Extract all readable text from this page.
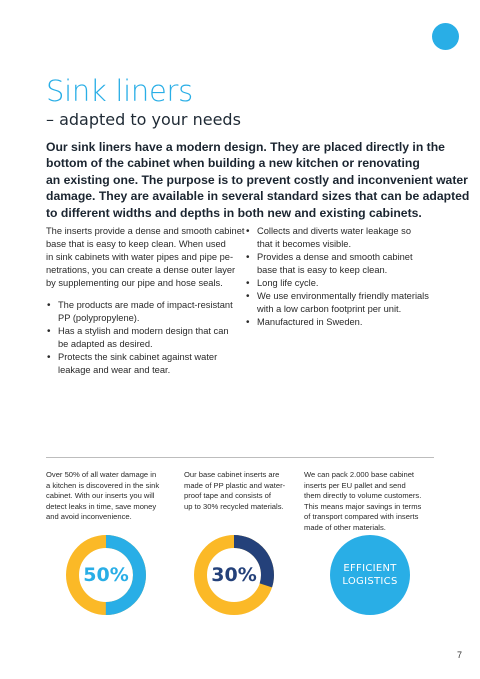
Sink liners
– adapted to your needs
Our sink liners have a modern design. They are placed directly in the
bottom of the cabinet when building a new kitchen or renovating
an existing one. The purpose is to prevent costly and inconvenient water
damage. They are available in several standard sizes that can be adapted
to different widths and depths in both new and existing cabinets.
The inserts provide a dense and smooth cabinet
base that is easy to keep clean. When used
in sink cabinets with water pipes and pipe pe-
netrations, you can create a dense outer layer
by supplementing our pipe and hose seals.
• The products are made of impact-resistant
PP (polypropylene).
• Has a stylish and modern design that can
be adapted as desired.
• Protects the sink cabinet against water
leakage and wear and tear.
• Collects and diverts water leakage so
that it becomes visible.
• Provides a dense and smooth cabinet
base that is easy to keep clean.
• Long life cycle.
• We use environmentally friendly materials
with a low carbon footprint per unit.
• Manufactured in Sweden.
Over 50% of all water damage in
a kitchen is discovered in the sink
cabinet. With our inserts you will
detect leaks in time, save money
and avoid inconvenience.
Our base cabinet inserts are
made of PP plastic and water-
proof tape and consists of
up to 30% recycled materials.
We can pack 2.000 base cabinet
inserts per EU pallet and send
them directly to volume customers.
This means major savings in terms
of transport compared with inserts
made of other materials.
50%	30%	EFFICIENT
LOGISTICS
7
